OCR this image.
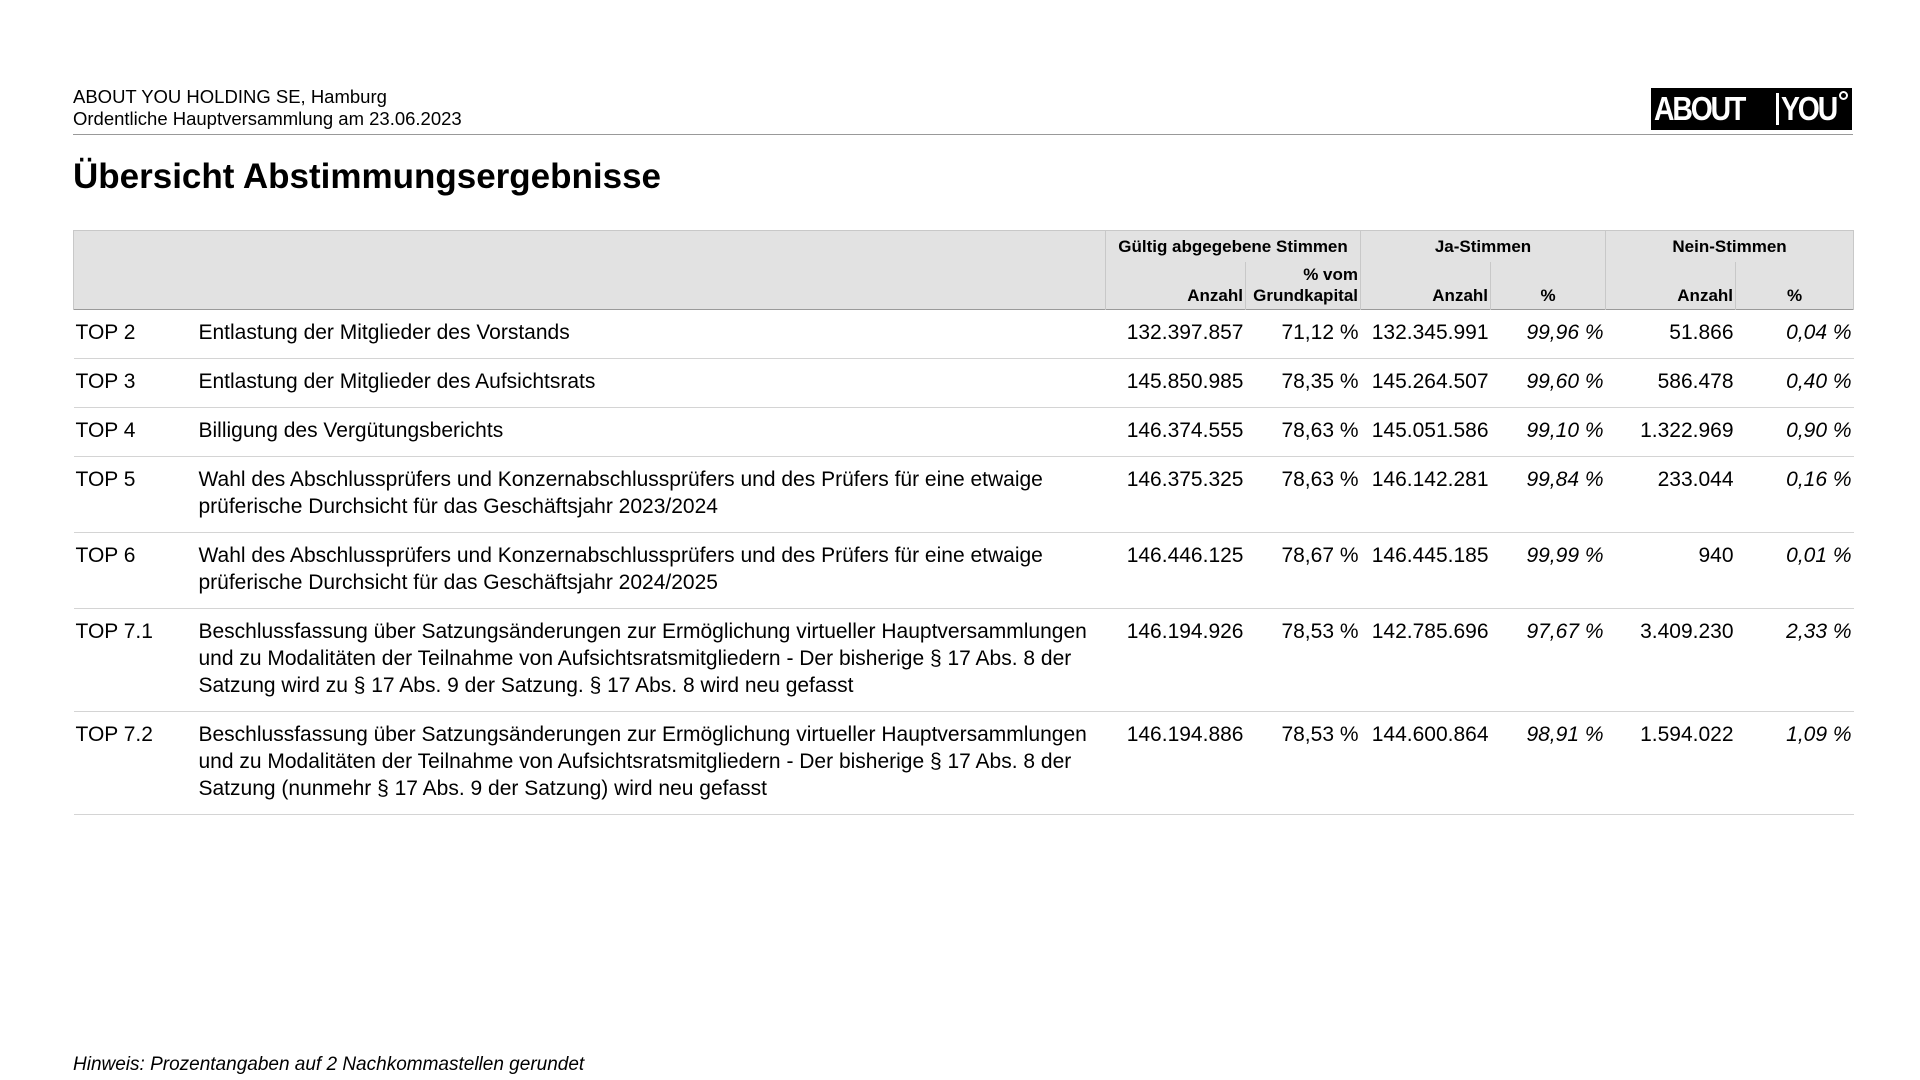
ABOUT YOU HOLDING SE, Hamburg
Ordentliche Hauptversammlung am 23.06.2023	ABOUT YOU
Übersicht Abstimmungsergebnisse
		Gültig abgegebene Stimmen		Ja-Stimmen		Nein-Stimmen	
		Anzahl	% vom Grundkapital	Anzahl	%	Anzahl	%
TOP 2	Entlastung der Mitglieder des Vorstands	132.397.857	71,12 %	132.345.991	99,96 %	51.866	0,04 %
TOP 3	Entlastung der Mitglieder des Aufsichtsrats	145.850.985	78,35 %	145.264.507	99,60 %	586.478	0,40 %
TOP 4	Billigung des Vergütungsberichts	146.374.555	78,63 %	145.051.586	99,10 %	1.322.969	0,90 %
TOP 5	Wahl des Abschlussprüfers und Konzernabschlussprüfers und des Prüfers für eine etwaige prüferische Durchsicht für das Geschäftsjahr 2023/2024	146.375.325	78,63 %	146.142.281	99,84 %	233.044	0,16 %
TOP 6	Wahl des Abschlussprüfers und Konzernabschlussprüfers und des Prüfers für eine etwaige prüferische Durchsicht für das Geschäftsjahr 2024/2025	146.446.125	78,67 %	146.445.185	99,99 %	940	0,01 %
TOP 7.1	Beschlussfassung über Satzungsänderungen zur Ermöglichung virtueller Hauptversammlungen und zu Modalitäten der Teilnahme von Aufsichtsratsmitgliedern - Der bisherige § 17 Abs. 8 der Satzung wird zu § 17 Abs. 9 der Satzung. § 17 Abs. 8 wird neu gefasst	146.194.926	78,53 %	142.785.696	97,67 %	3.409.230	2,33 %
TOP 7.2	Beschlussfassung über Satzungsänderungen zur Ermöglichung virtueller Hauptversammlungen und zu Modalitäten der Teilnahme von Aufsichtsratsmitgliedern - Der bisherige § 17 Abs. 8 der Satzung (nunmehr § 17 Abs. 9 der Satzung) wird neu gefasst	146.194.886	78,53 %	144.600.864	98,91 %	1.594.022	1,09 %
Hinweis: Prozentangaben auf 2 Nachkommastellen gerundet
